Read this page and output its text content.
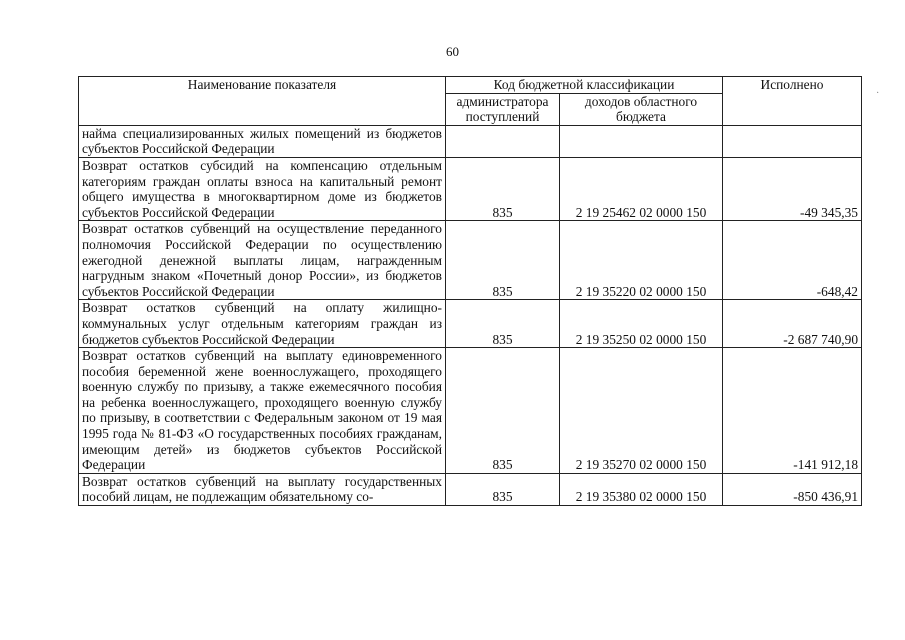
60
·
Наименование показателя	Код бюджетной классификации		Исполнено
	администратора поступлений	доходов областного бюджета	
найма специализированных жилых помещений из бюджетов субъектов Российской Федерации			
Возврат остатков субсидий на компенсацию отдельным категориям граждан оплаты взноса на капитальный ремонт общего имущества в многоквартирном доме из бюджетов субъектов Российской Федерации	835	2 19 25462 02 0000 150	-49 345,35
Возврат остатков субвенций на осуществление переданного полномочия Российской Федерации по осуществлению ежегодной денежной выплаты лицам, награжденным нагрудным знаком «Почетный донор России», из бюджетов субъектов Российской Федерации	835	2 19 35220 02 0000 150	-648,42
Возврат остатков субвенций на оплату жилищно-коммунальных услуг отдельным категориям граждан из бюджетов субъектов Российской Федерации	835	2 19 35250 02 0000 150	-2 687 740,90
Возврат остатков субвенций на выплату единовременного пособия беременной жене военнослужащего, проходящего военную службу по призыву, а также ежемесячного пособия на ребенка военнослужащего, проходящего военную службу по призыву, в соответствии с Федеральным законом от 19 мая 1995 года № 81-ФЗ «О государственных пособиях гражданам, имеющим детей» из бюджетов субъектов Российской Федерации	835	2 19 35270 02 0000 150	-141 912,18
Возврат остатков субвенций на выплату государственных пособий лицам, не подлежащим обязательному со-	835	2 19 35380 02 0000 150	-850 436,91
